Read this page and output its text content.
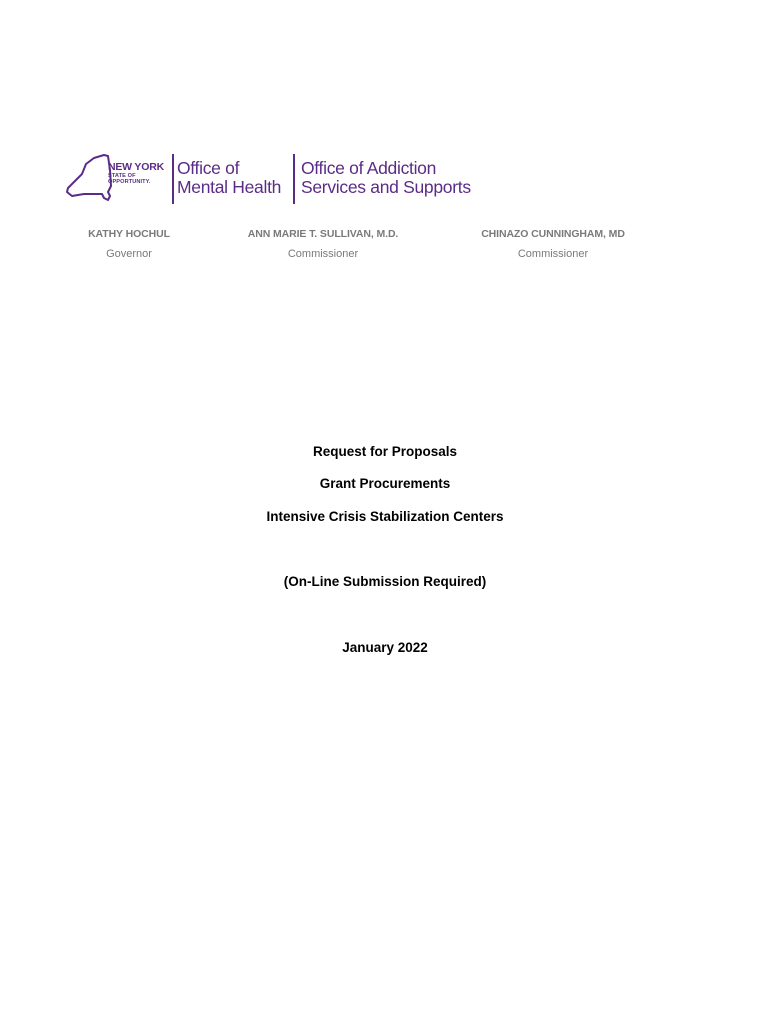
NEW YORK
STATE OF
OPPORTUNITY.
Office of
Mental Health
Office of Addiction
Services and Supports
KATHY HOCHUL
Governor
ANN MARIE T. SULLIVAN, M.D.
Commissioner
CHINAZO CUNNINGHAM, MD
Commissioner
Request for Proposals
Grant Procurements
Intensive Crisis Stabilization Centers
(On-Line Submission Required)
January 2022
